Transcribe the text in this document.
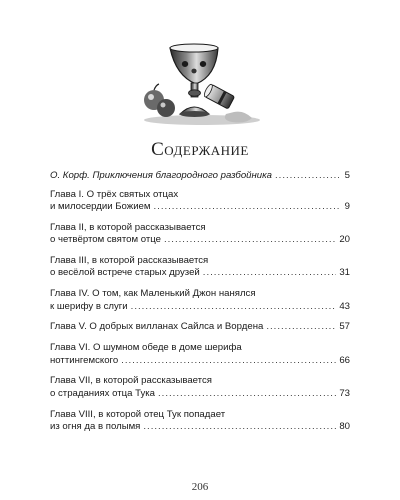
Содержание
О. Корф. Приключения благородного разбойника .....	5
Глава I. О трёх святых отцах
и милосердии Божием .....	9
Глава II, в которой рассказывается
о четвёртом святом отце .....	20
Глава III, в которой рассказывается
о весёлой встрече старых друзей .....	31
Глава IV. О том, как Маленький Джон нанялся
к шерифу в слуги .....	43
Глава V. О добрых вилланах Сайлса и Вордена .....	57
Глава VI. О шумном обеде в доме шерифа
ноттингемского .....	66
Глава VII, в которой рассказывается
о страданиях отца Тука .....	73
Глава VIII, в которой отец Тук попадает
из огня да в полымя .....	80
206
